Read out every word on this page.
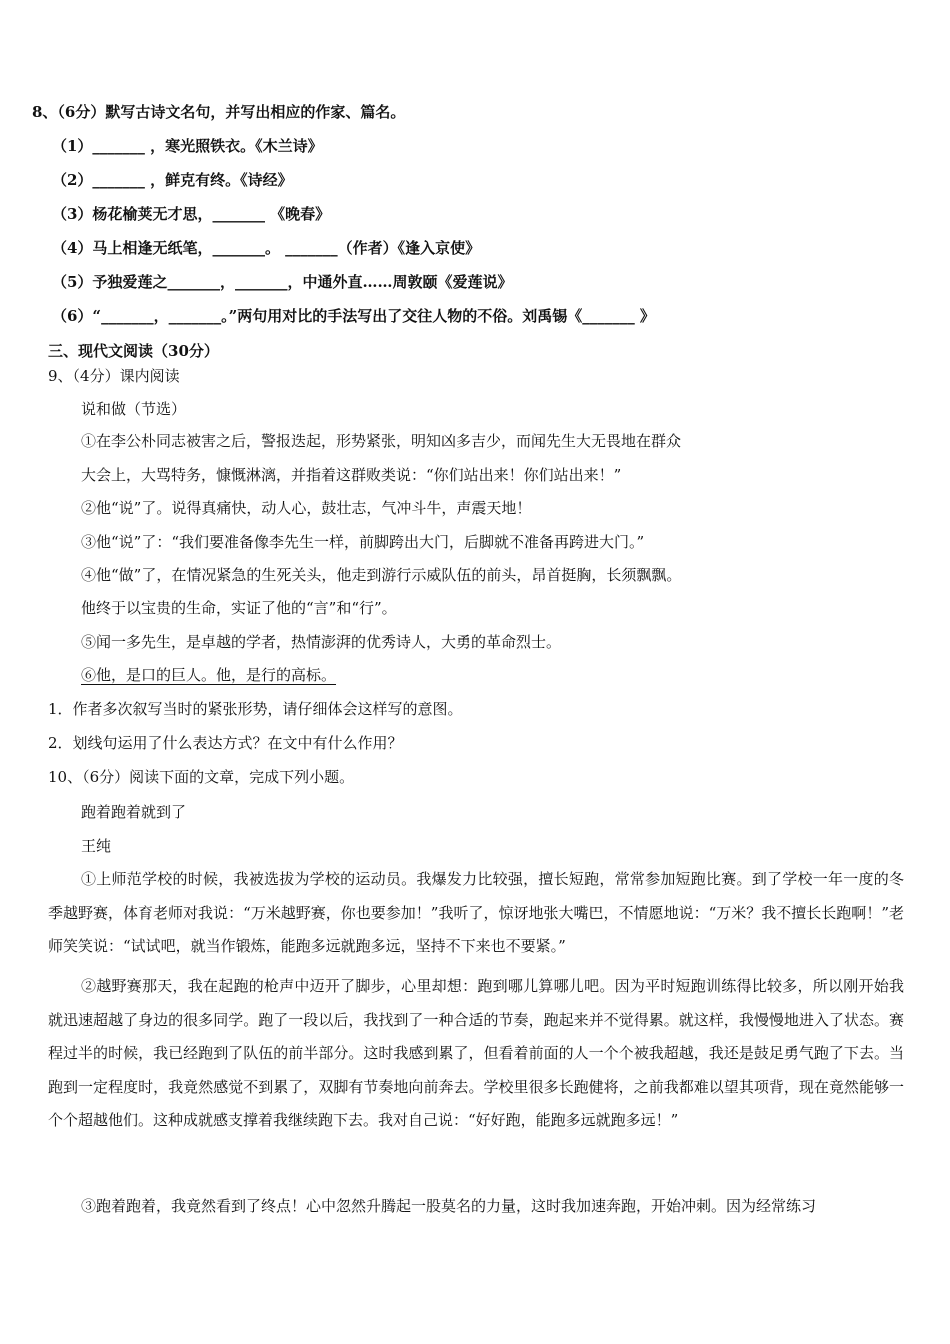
8、（6分）默写古诗文名句，并写出相应的作家、篇名。
（1）_______ ，寒光照铁衣。《木兰诗》
（2）_______ ，鲜克有终。《诗经》
（3）杨花榆荚无才思，_______ 《晚春》
（4）马上相逢无纸笔，_______。 _______（作者）《逢入京使》
（5）予独爱莲之_______，_______，中通外直……周敦颐《爱莲说》
（6）“_______，_______。”两句用对比的手法写出了交往人物的不俗。刘禹锡《_______ 》
三、现代文阅读（30分）
9、（4分）课内阅读
说和做（节选）
①在李公朴同志被害之后，警报迭起，形势紧张，明知凶多吉少，而闻先生大无畏地在群众
大会上，大骂特务，慷慨淋漓，并指着这群败类说：“你们站出来！你们站出来！”
②他“说”了。说得真痛快，动人心，鼓壮志，气冲斗牛，声震天地！
③他“说”了：“我们要准备像李先生一样，前脚跨出大门，后脚就不准备再跨进大门。”
④他“做”了，在情况紧急的生死关头，他走到游行示威队伍的前头，昂首挺胸，长须飘飘。
他终于以宝贵的生命，实证了他的“言”和“行”。
⑤闻一多先生，是卓越的学者，热情澎湃的优秀诗人，大勇的革命烈士。
⑥他，是口的巨人。他，是行的高标。
1．作者多次叙写当时的紧张形势，请仔细体会这样写的意图。
2．划线句运用了什么表达方式？在文中有什么作用？
10、（6分）阅读下面的文章，完成下列小题。
跑着跑着就到了
王纯
①上师范学校的时候，我被选拔为学校的运动员。我爆发力比较强，擅长短跑，常常参加短跑比赛。到了学校一年一度的冬季越野赛，体育老师对我说：“万米越野赛，你也要参加！”我听了，惊讶地张大嘴巴，不情愿地说：“万米？我不擅长长跑啊！”老师笑笑说：“试试吧，就当作锻炼，能跑多远就跑多远，坚持不下来也不要紧。”
②越野赛那天，我在起跑的枪声中迈开了脚步，心里却想：跑到哪儿算哪儿吧。因为平时短跑训练得比较多，所以刚开始我就迅速超越了身边的很多同学。跑了一段以后，我找到了一种合适的节奏，跑起来并不觉得累。就这样，我慢慢地进入了状态。赛程过半的时候，我已经跑到了队伍的前半部分。这时我感到累了，但看着前面的人一个个被我超越，我还是鼓足勇气跑了下去。当跑到一定程度时，我竟然感觉不到累了，双脚有节奏地向前奔去。学校里很多长跑健将，之前我都难以望其项背，现在竟然能够一个个超越他们。这种成就感支撑着我继续跑下去。我对自己说：“好好跑，能跑多远就跑多远！”
③跑着跑着，我竟然看到了终点！心中忽然升腾起一股莫名的力量，这时我加速奔跑，开始冲刺。因为经常练习
